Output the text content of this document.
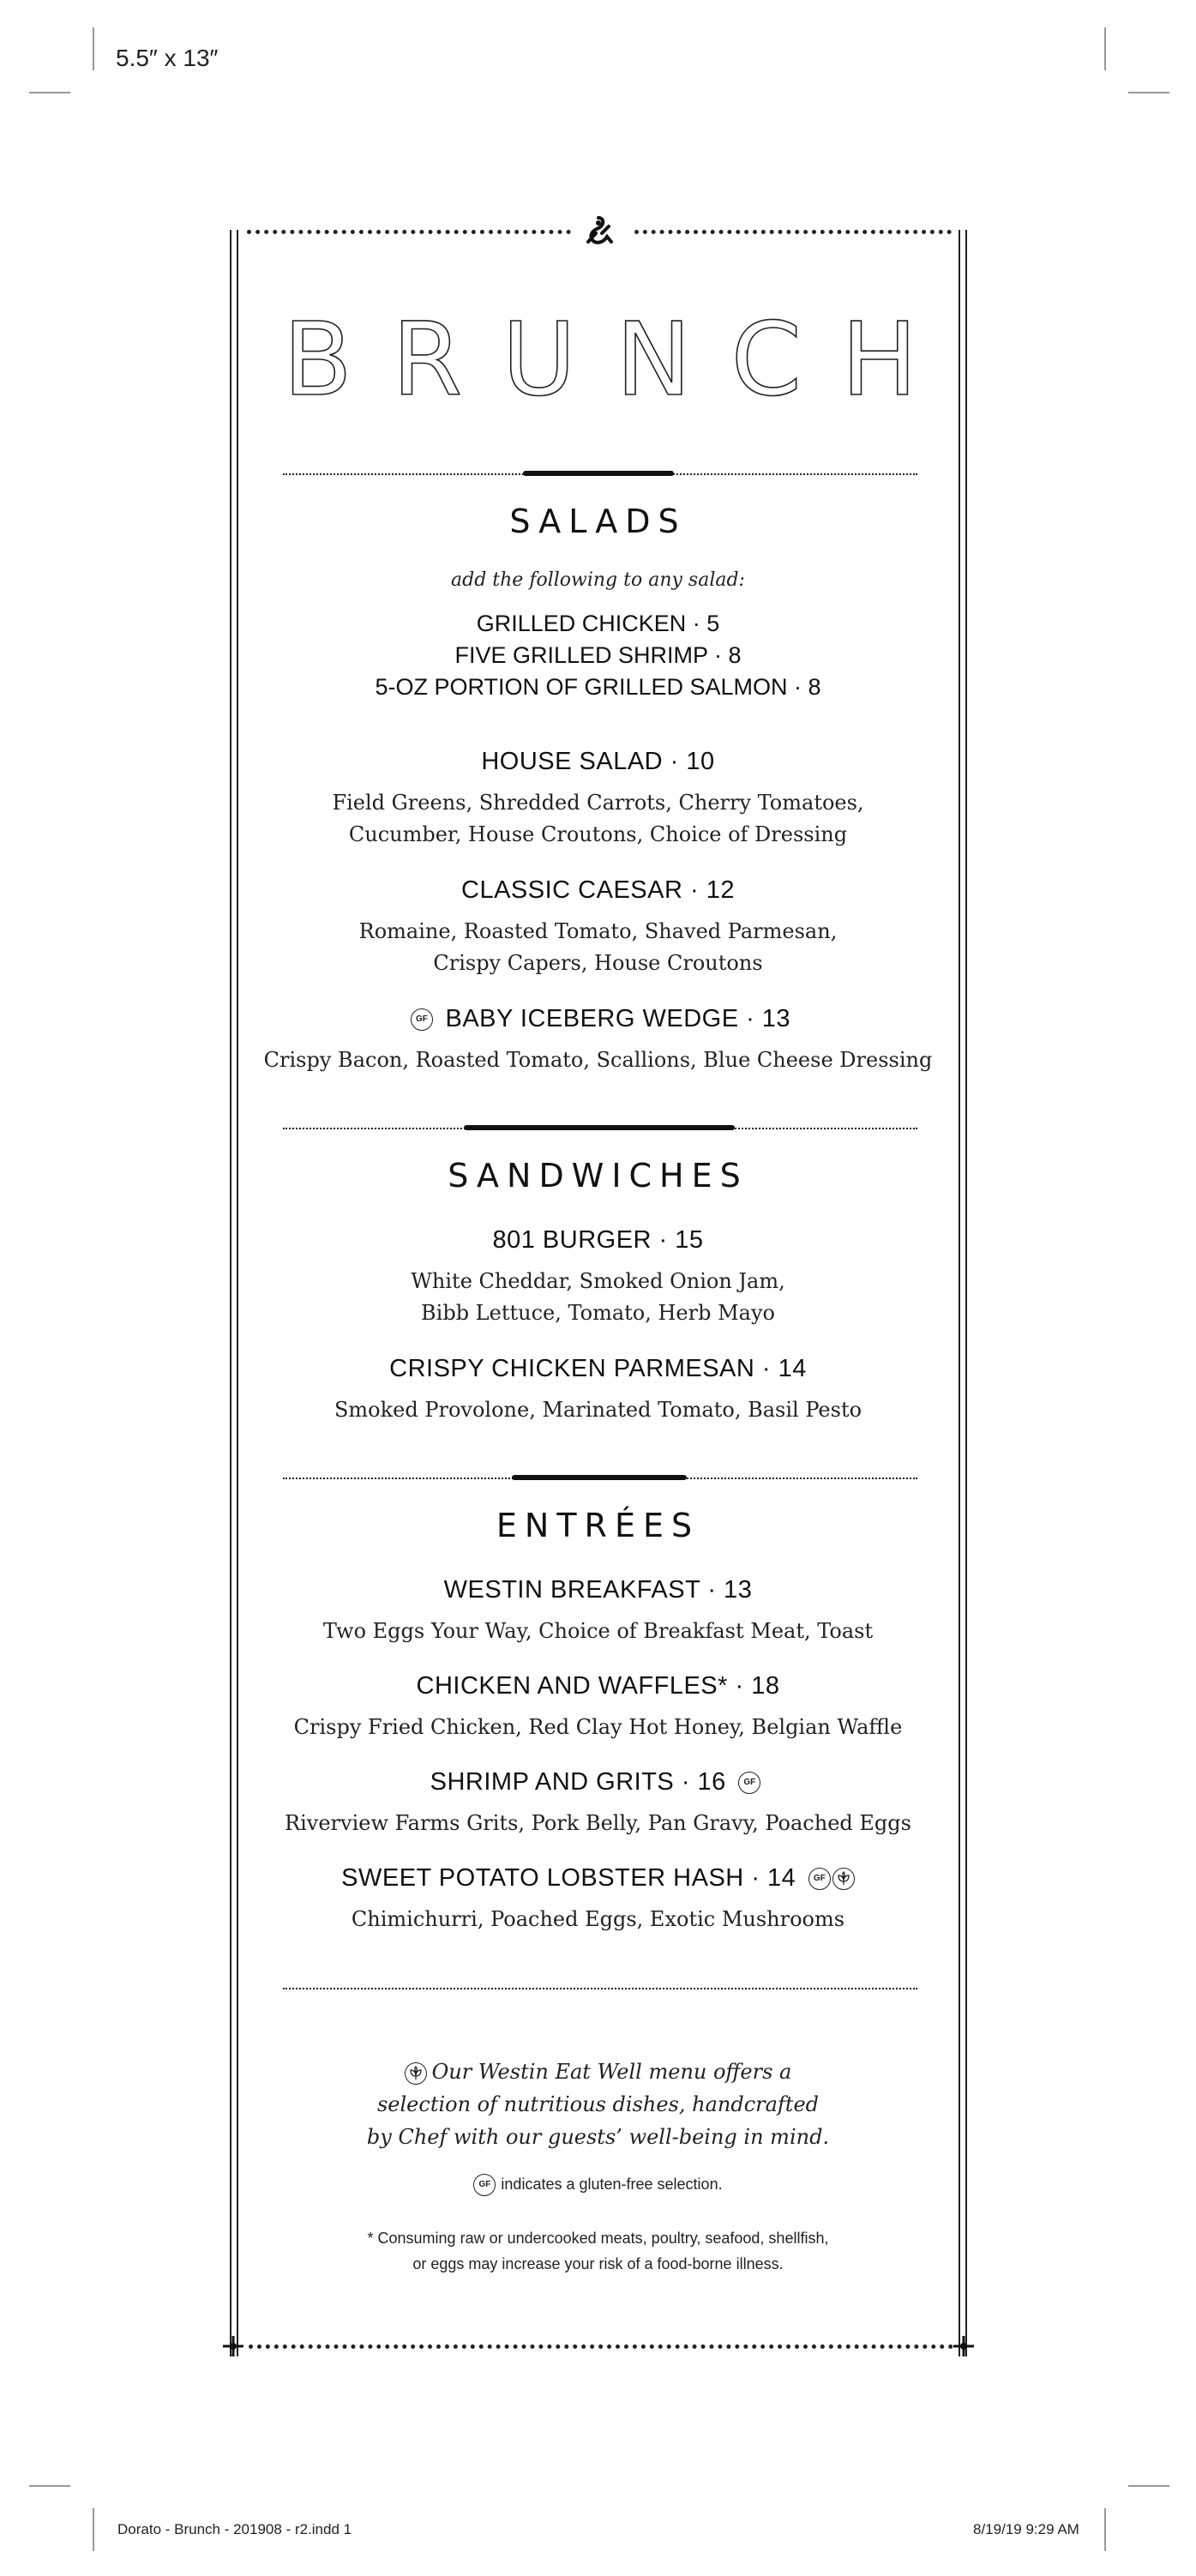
5.5″ x 13″
Dorato - Brunch - 201908 - r2.indd 1	8/19/19 9:29 AM
BRUNCH
SALADS
add the following to any salad:
GRILLED CHICKEN · 5
FIVE GRILLED SHRIMP · 8
5-OZ PORTION OF GRILLED SALMON · 8
HOUSE SALAD · 10
Field Greens, Shredded Carrots, Cherry Tomatoes,
Cucumber, House Croutons, Choice of Dressing
CLASSIC CAESAR · 12
Romaine, Roasted Tomato, Shaved Parmesan,
Crispy Capers, House Croutons
GF BABY ICEBERG WEDGE · 13
Crispy Bacon, Roasted Tomato, Scallions, Blue Cheese Dressing
SANDWICHES
801 BURGER · 15
White Cheddar, Smoked Onion Jam,
Bibb Lettuce, Tomato, Herb Mayo
CRISPY CHICKEN PARMESAN · 14
Smoked Provolone, Marinated Tomato, Basil Pesto
ENTRÉES
WESTIN BREAKFAST · 13
Two Eggs Your Way, Choice of Breakfast Meat, Toast
CHICKEN AND WAFFLES* · 18
Crispy Fried Chicken, Red Clay Hot Honey, Belgian Waffle
SHRIMP AND GRITS · 16 GF
Riverview Farms Grits, Pork Belly, Pan Gravy, Poached Eggs
SWEET POTATO LOBSTER HASH · 14 GF
Chimichurri, Poached Eggs, Exotic Mushrooms
Our Westin Eat Well menu offers a
selection of nutritious dishes, handcrafted
by Chef with our guests’ well-being in mind.
GF indicates a gluten-free selection.
* Consuming raw or undercooked meats, poultry, seafood, shellfish,
or eggs may increase your risk of a food-borne illness.
